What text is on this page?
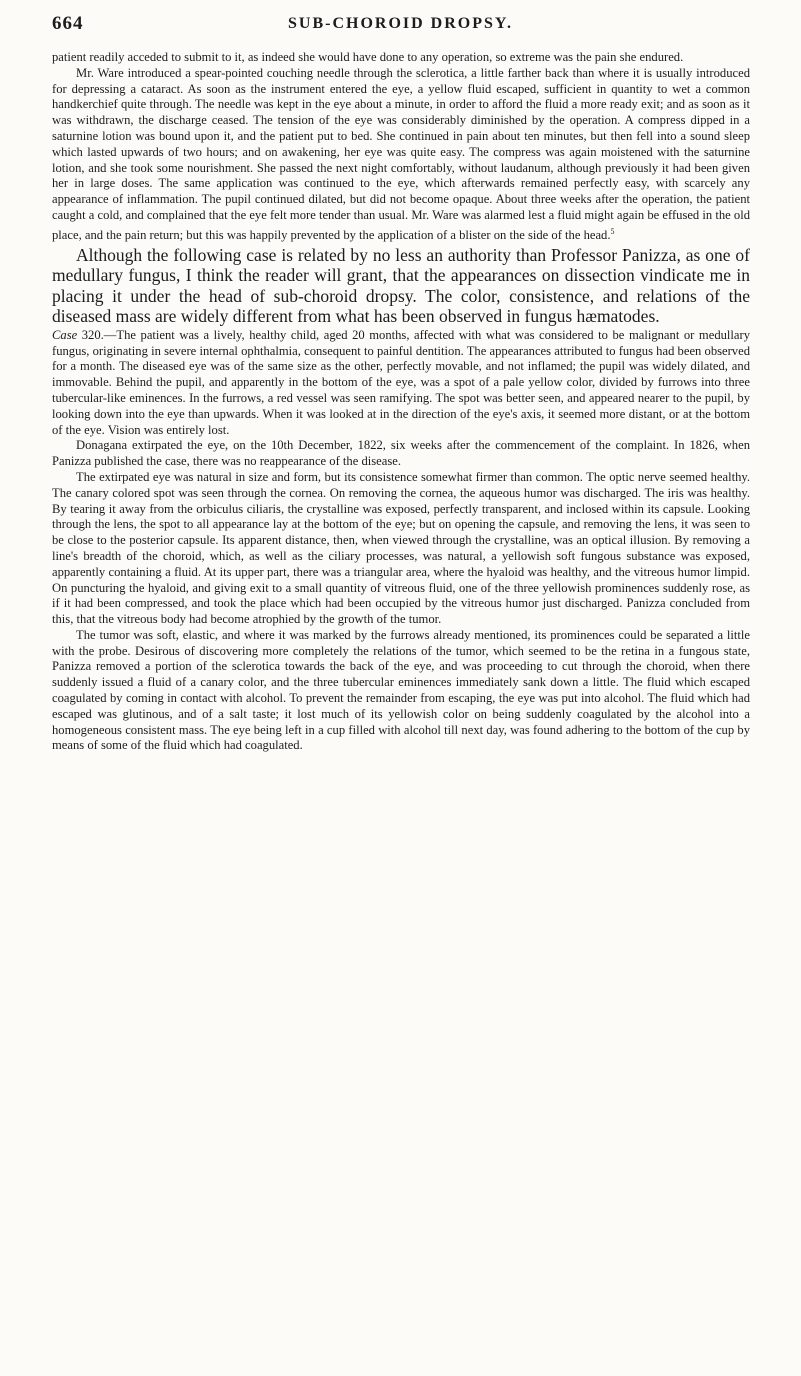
664	SUB-CHOROID DROPSY.

patient readily acceded to submit to it, as indeed she would have done to any operation, so extreme was the pain she endured.

Mr. Ware introduced a spear-pointed couching needle through the sclerotica, a little farther back than where it is usually introduced for depressing a cataract. As soon as the instrument entered the eye, a yellow fluid escaped, sufficient in quantity to wet a common handkerchief quite through. The needle was kept in the eye about a minute, in order to afford the fluid a more ready exit; and as soon as it was withdrawn, the discharge ceased. The tension of the eye was considerably diminished by the operation. A compress dipped in a saturnine lotion was bound upon it, and the patient put to bed. She continued in pain about ten minutes, but then fell into a sound sleep which lasted upwards of two hours; and on awakening, her eye was quite easy. The compress was again moistened with the saturnine lotion, and she took some nourishment. She passed the next night comfortably, without laudanum, although previously it had been given her in large doses. The same application was continued to the eye, which afterwards remained perfectly easy, with scarcely any appearance of inflammation. The pupil continued dilated, but did not become opaque. About three weeks after the operation, the patient caught a cold, and complained that the eye felt more tender than usual. Mr. Ware was alarmed lest a fluid might again be effused in the old place, and the pain return; but this was happily prevented by the application of a blister on the side of the head.$^5$

Although the following case is related by no less an authority than Professor Panizza, as one of medullary fungus, I think the reader will grant, that the appearances on dissection vindicate me in placing it under the head of sub-choroid dropsy. The color, consistence, and relations of the diseased mass are widely different from what has been observed in fungus hæmatodes.

Case 320.—The patient was a lively, healthy child, aged 20 months, affected with what was considered to be malignant or medullary fungus, originating in severe internal ophthalmia, consequent to painful dentition. The appearances attributed to fungus had been observed for a month. The diseased eye was of the same size as the other, perfectly movable, and not inflamed; the pupil was widely dilated, and immovable. Behind the pupil, and apparently in the bottom of the eye, was a spot of a pale yellow color, divided by furrows into three tubercular-like eminences. In the furrows, a red vessel was seen ramifying. The spot was better seen, and appeared nearer to the pupil, by looking down into the eye than upwards. When it was looked at in the direction of the eye's axis, it seemed more distant, or at the bottom of the eye. Vision was entirely lost.

Donagana extirpated the eye, on the 10th December, 1822, six weeks after the commencement of the complaint. In 1826, when Panizza published the case, there was no reappearance of the disease.

The extirpated eye was natural in size and form, but its consistence somewhat firmer than common. The optic nerve seemed healthy. The canary colored spot was seen through the cornea. On removing the cornea, the aqueous humor was discharged. The iris was healthy. By tearing it away from the orbiculus ciliaris, the crystalline was exposed, perfectly transparent, and inclosed within its capsule. Looking through the lens, the spot to all appearance lay at the bottom of the eye; but on opening the capsule, and removing the lens, it was seen to be close to the posterior capsule. Its apparent distance, then, when viewed through the crystalline, was an optical illusion. By removing a line's breadth of the choroid, which, as well as the ciliary processes, was natural, a yellowish soft fungous substance was exposed, apparently containing a fluid. At its upper part, there was a triangular area, where the hyaloid was healthy, and the vitreous humor limpid. On puncturing the hyaloid, and giving exit to a small quantity of vitreous fluid, one of the three yellowish prominences suddenly rose, as if it had been compressed, and took the place which had been occupied by the vitreous humor just discharged. Panizza concluded from this, that the vitreous body had become atrophied by the growth of the tumor.

The tumor was soft, elastic, and where it was marked by the furrows already mentioned, its prominences could be separated a little with the probe. Desirous of discovering more completely the relations of the tumor, which seemed to be the retina in a fungous state, Panizza removed a portion of the sclerotica towards the back of the eye, and was proceeding to cut through the choroid, when there suddenly issued a fluid of a canary color, and the three tubercular eminences immediately sank down a little. The fluid which escaped coagulated by coming in contact with alcohol. To prevent the remainder from escaping, the eye was put into alcohol. The fluid which had escaped was glutinous, and of a salt taste; it lost much of its yellowish color on being suddenly coagulated by the alcohol into a homogeneous consistent mass. The eye being left in a cup filled with alcohol till next day, was found adhering to the bottom of the cup by means of some of the fluid which had coagulated.
